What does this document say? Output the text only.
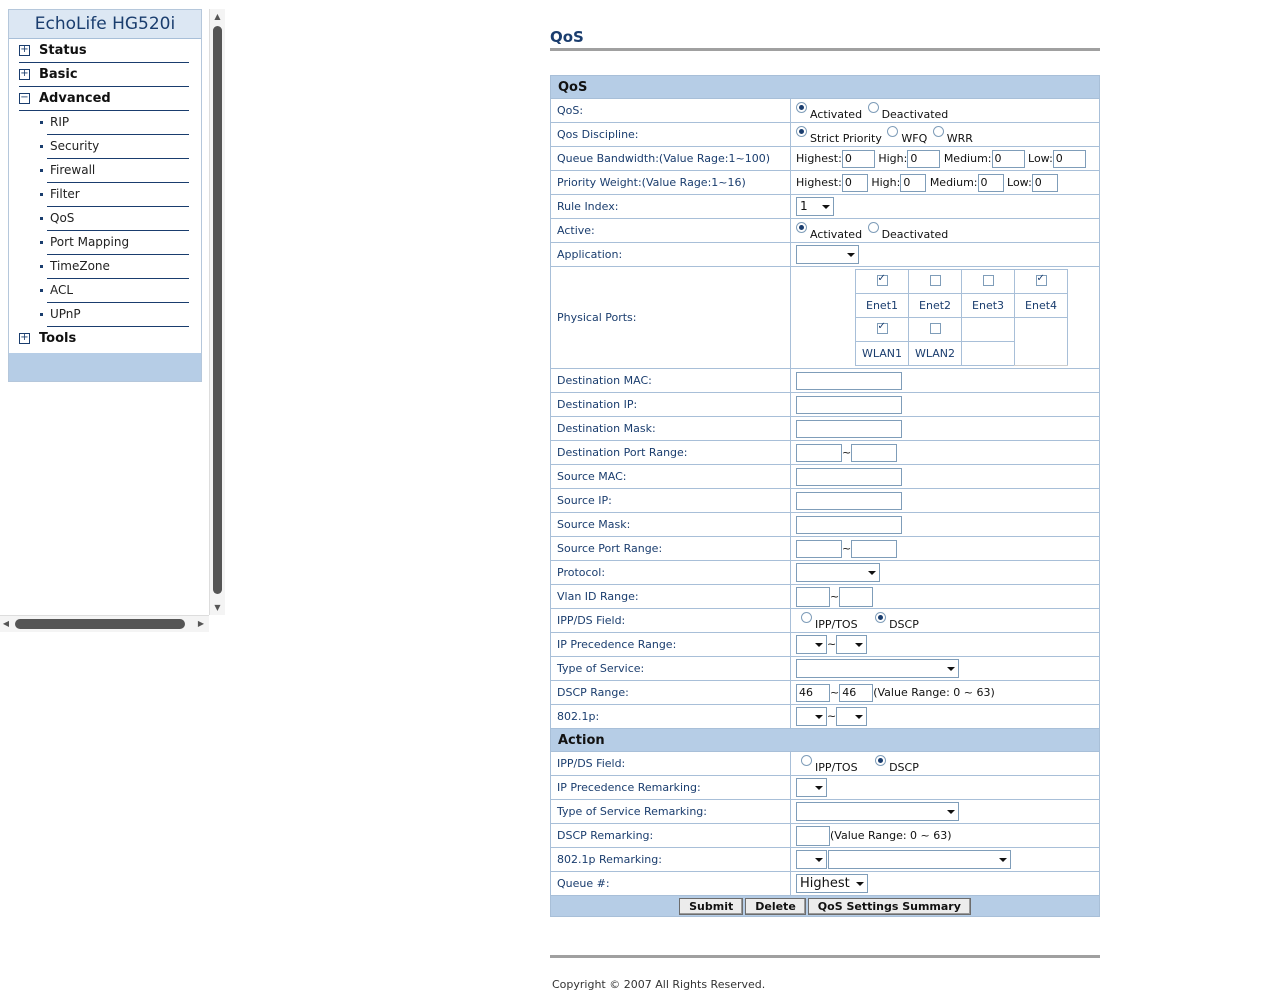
EchoLife HG520i
+ Status
+ Basic
− Advanced
RIP
Security
Firewall
Filter
QoS
Port Mapping
TimeZone
ACL
UPnP
+ Tools
▲
▼
◀	▶
QoS
QoS
QoS:	Activated Deactivated
Qos Discipline:	Strict Priority WFQ WRR
Queue Bandwidth:(Value Rage:1~100)	Highest: 0 High: 0 Medium: 0 Low: 0
Priority Weight:(Value Rage:1~16)	Highest: 0 High: 0 Medium: 0 Low: 0
Rule Index:	1

Active:	Activated Deactivated
Application:	

Physical Ports:	
✓			✓
Enet1	Enet2	Enet3	Enet4
✓			
WLAN1	WLAN2	

Destination MAC:	
Destination IP:	
Destination Mask:	
Destination Port Range:	~
Source MAC:	
Source IP:	
Source Mask:	
Source Port Range:	~
Protocol:	

Vlan ID Range:	~
IPP/DS Field:	IPP/TOS	DSCP
IP Precedence Range:	~

Type of Service:	

DSCP Range:	46 ~ 46 (Value Range: 0 ~ 63)
802.1p:	~

Action
IPP/DS Field:	IPP/TOS	DSCP
IP Precedence Remarking:	

Type of Service Remarking:	

DSCP Remarking:	(Value Range: 0 ~ 63)
802.1p Remarking:	

Queue #:	Highest

Submit Delete QoS Settings Summary
Copyright © 2007 All Rights Reserved.
